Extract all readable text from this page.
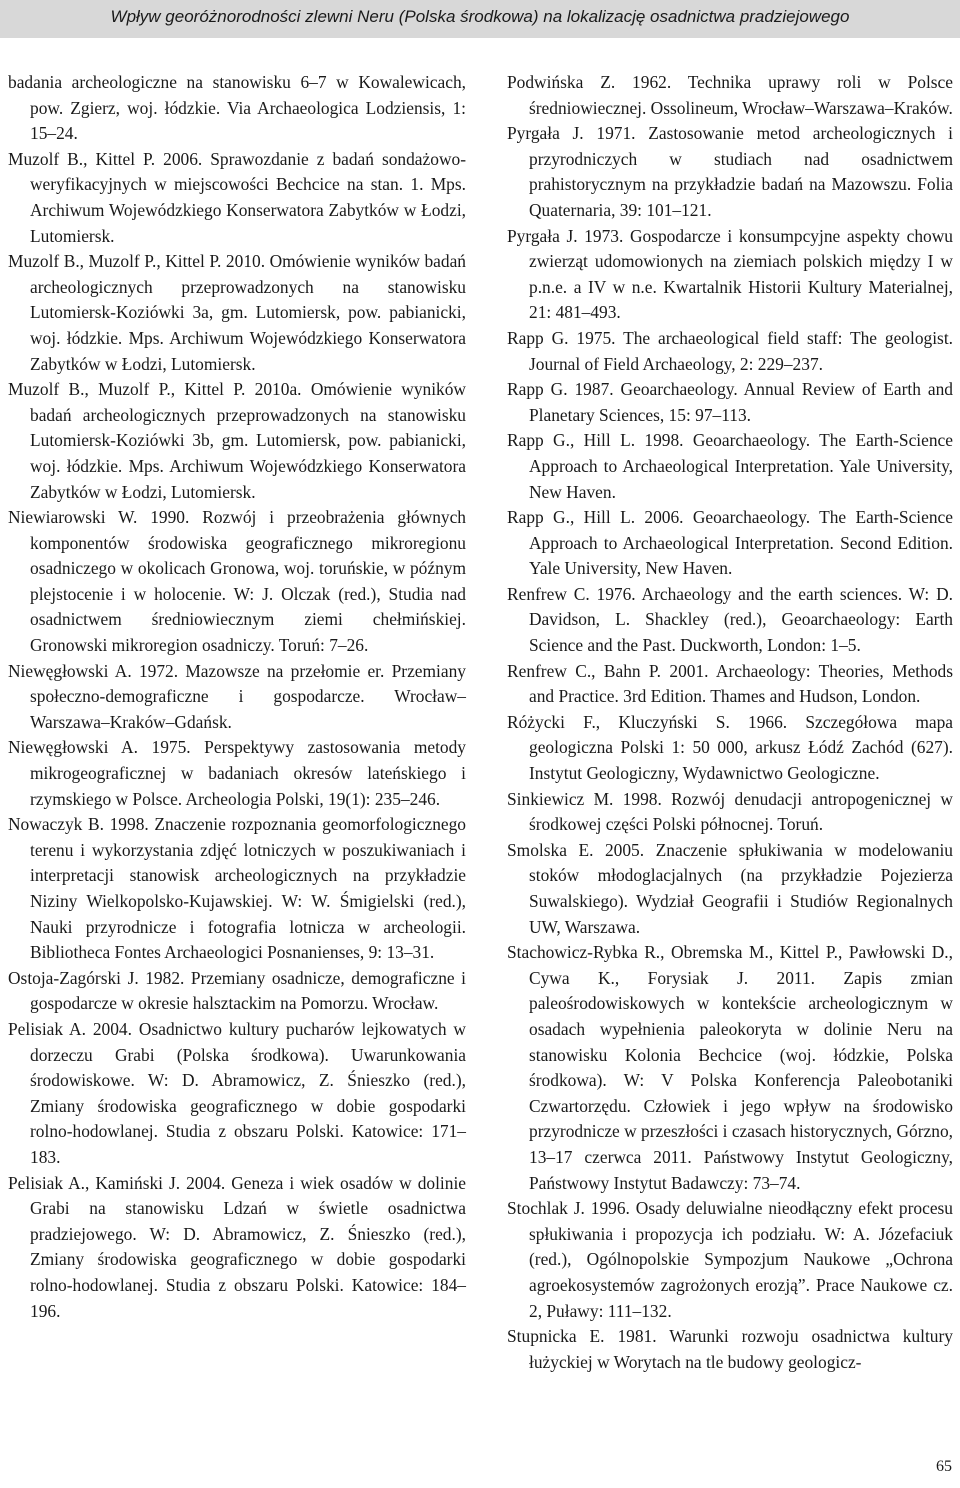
Wpływ georóżnorodności zlewni Neru (Polska środkowa) na lokalizację osadnictwa pradziejowego

badania archeologiczne na stanowisku 6–7 w Kowalewicach, pow. Zgierz, woj. łódzkie. Via Archaeologica Lodziensis, 1: 15–24.

Muzolf B., Kittel P. 2006. Sprawozdanie z badań sondażowo-weryfikacyjnych w miejscowości Bechcice na stan. 1. Mps. Archiwum Wojewódzkiego Konserwatora Zabytków w Łodzi, Lutomiersk.

Muzolf B., Muzolf P., Kittel P. 2010. Omówienie wyników badań archeologicznych przeprowadzonych na stanowisku Lutomiersk-Koziówki 3a, gm. Lutomiersk, pow. pabianicki, woj. łódzkie. Mps. Archiwum Wojewódzkiego Konserwatora Zabytków w Łodzi, Lutomiersk.

Muzolf B., Muzolf P., Kittel P. 2010a. Omówienie wyników badań archeologicznych przeprowadzonych na stanowisku Lutomiersk-Koziówki 3b, gm. Lutomiersk, pow. pabianicki, woj. łódzkie. Mps. Archiwum Wojewódzkiego Konserwatora Zabytków w Łodzi, Lutomiersk.

Niewiarowski W. 1990. Rozwój i przeobrażenia głównych komponentów środowiska geograficznego mikroregionu osadniczego w okolicach Gronowa, woj. toruńskie, w późnym plejstocenie i w holocenie. W: J. Olczak (red.), Studia nad osadnictwem średniowiecznym ziemi chełmińskiej. Gronowski mikroregion osadniczy. Toruń: 7–26.

Niewęgłowski A. 1972. Mazowsze na przełomie er. Przemiany społeczno-demograficzne i gospodarcze. Wrocław–Warszawa–Kraków–Gdańsk.

Niewęgłowski A. 1975. Perspektywy zastosowania metody mikrogeograficznej w badaniach okresów lateńskiego i rzymskiego w Polsce. Archeologia Polski, 19(1): 235–246.

Nowaczyk B. 1998. Znaczenie rozpoznania geomorfologicznego terenu i wykorzystania zdjęć lotniczych w poszukiwaniach i interpretacji stanowisk archeologicznych na przykładzie Niziny Wielkopolsko-Kujawskiej. W: W. Śmigielski (red.), Nauki przyrodnicze i fotografia lotnicza w archeologii. Bibliotheca Fontes Archaeologici Posnanienses, 9: 13–31.

Ostoja-Zagórski J. 1982. Przemiany osadnicze, demograficzne i gospodarcze w okresie halsztackim na Pomorzu. Wrocław.

Pelisiak A. 2004. Osadnictwo kultury pucharów lejkowatych w dorzeczu Grabi (Polska środkowa). Uwarunkowania środowiskowe. W: D. Abramowicz, Z. Śnieszko (red.), Zmiany środowiska geograficznego w dobie gospodarki rolno-hodowlanej. Studia z obszaru Polski. Katowice: 171–183.

Pelisiak A., Kamiński J. 2004. Geneza i wiek osadów w dolinie Grabi na stanowisku Ldzań w świetle osadnictwa pradziejowego. W: D. Abramowicz, Z. Śnieszko (red.), Zmiany środowiska geograficznego w dobie gospodarki rolno-hodowlanej. Studia z obszaru Polski. Katowice: 184–196.

Podwińska Z. 1962. Technika uprawy roli w Polsce średniowiecznej. Ossolineum, Wrocław–Warszawa–Kraków.

Pyrgała J. 1971. Zastosowanie metod archeologicznych i przyrodniczych w studiach nad osadnictwem prahistorycznym na przykładzie badań na Mazowszu. Folia Quaternaria, 39: 101–121.

Pyrgała J. 1973. Gospodarcze i konsumpcyjne aspekty chowu zwierząt udomowionych na ziemiach polskich między I w p.n.e. a IV w n.e. Kwartalnik Historii Kultury Materialnej, 21: 481–493.

Rapp G. 1975. The archaeological field staff: The geologist. Journal of Field Archaeology, 2: 229–237.

Rapp G. 1987. Geoarchaeology. Annual Review of Earth and Planetary Sciences, 15: 97–113.

Rapp G., Hill L. 1998. Geoarchaeology. The Earth-Science Approach to Archaeological Interpretation. Yale University, New Haven.

Rapp G., Hill L. 2006. Geoarchaeology. The Earth-Science Approach to Archaeological Interpretation. Second Edition. Yale University, New Haven.

Renfrew C. 1976. Archaeology and the earth sciences. W: D. Davidson, L. Shackley (red.), Geoarchaeology: Earth Science and the Past. Duckworth, London: 1–5.

Renfrew C., Bahn P. 2001. Archaeology: Theories, Methods and Practice. 3rd Edition. Thames and Hudson, London.

Różycki F., Kluczyński S. 1966. Szczegółowa mapa geologiczna Polski 1: 50 000, arkusz Łódź Zachód (627). Instytut Geologiczny, Wydawnictwo Geologiczne.

Sinkiewicz M. 1998. Rozwój denudacji antropogenicznej w środkowej części Polski północnej. Toruń.

Smolska E. 2005. Znaczenie spłukiwania w modelowaniu stoków młodoglacjalnych (na przykładzie Pojezierza Suwalskiego). Wydział Geografii i Studiów Regionalnych UW, Warszawa.

Stachowicz-Rybka R., Obremska M., Kittel P., Pawłowski D., Cywa K., Forysiak J. 2011. Zapis zmian paleośrodowiskowych w kontekście archeologicznym w osadach wypełnienia paleokoryta w dolinie Neru na stanowisku Kolonia Bechcice (woj. łódzkie, Polska środkowa). W: V Polska Konferencja Paleobotaniki Czwartorzędu. Człowiek i jego wpływ na środowisko przyrodnicze w przeszłości i czasach historycznych, Górzno, 13–17 czerwca 2011. Państwowy Instytut Geologiczny, Państwowy Instytut Badawczy: 73–74.

Stochlak J. 1996. Osady deluwialne nieodłączny efekt procesu spłukiwania i propozycja ich podziału. W: A. Józefaciuk (red.), Ogólnopolskie Sympozjum Naukowe „Ochrona agroekosystemów zagrożonych erozją”. Prace Naukowe cz. 2, Puławy: 111–132.

Stupnicka E. 1981. Warunki rozwoju osadnictwa kultury łużyckiej w Worytach na tle budowy geologicz-

65
